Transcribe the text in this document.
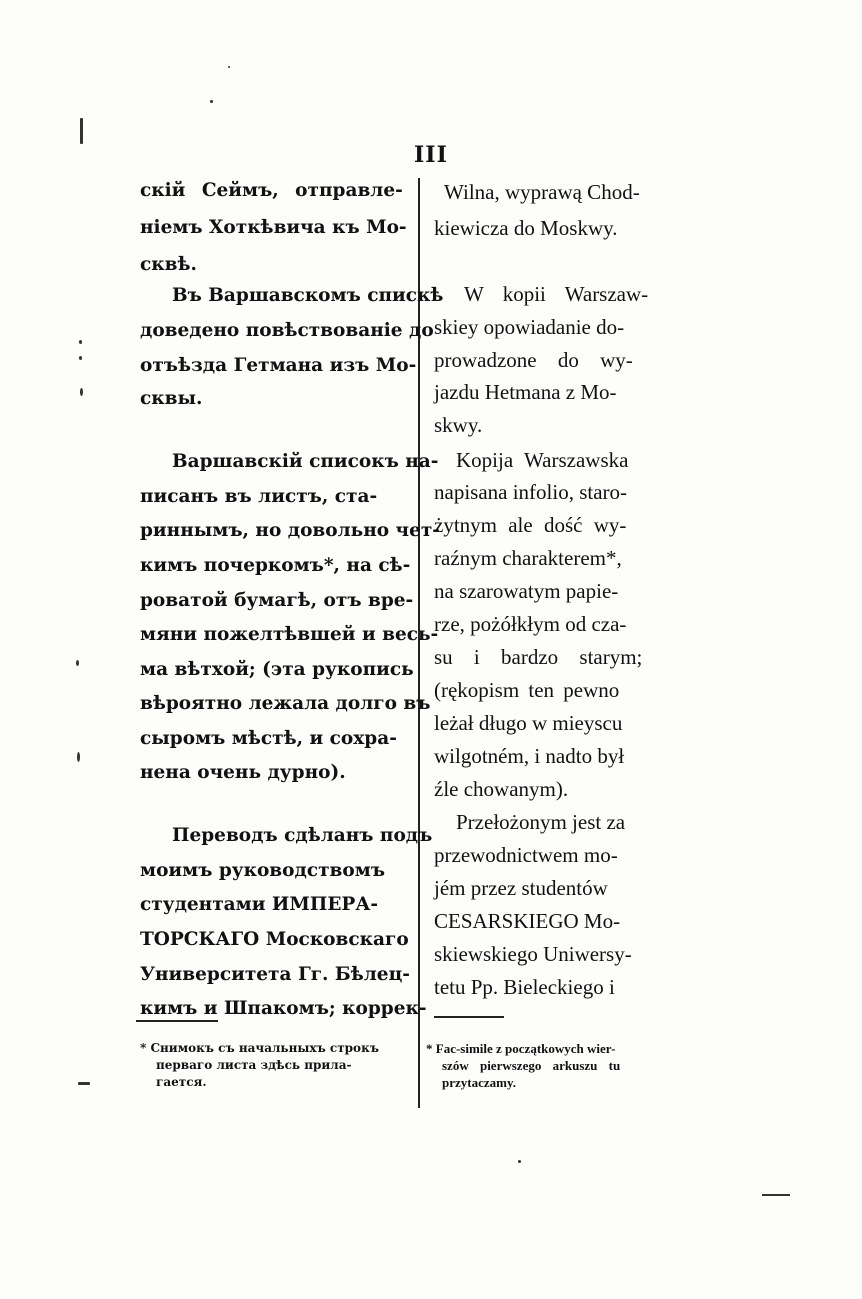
III
скій Сеймъ, отправле-
ніемъ Хоткѣвича къ Мо-
сквѣ.
Въ Варшавскомъ спискѣ
доведено повѣствованіе до
отъѣзда Гетмана изъ Мо-
сквы.
Варшавскій списокъ на-
писанъ въ листъ, ста-
риннымъ, но довольно чет-
кимъ почеркомъ*, на сѣ-
роватой бумагѣ, отъ вре-
мяни пожелтѣвшей и весь-
ма вѣтхой; (эта рукопись
вѣроятно лежала долго въ
сыромъ мѣстѣ, и сохра-
нена очень дурно).
Переводъ сдѣланъ подъ
моимъ руководствомъ
студентами ИМПЕРА-
ТОРСКАГО Московскаго
Университета Гг. Бѣлец-
кимъ и Шпакомъ; коррек-
Wilna, wyprawą Chod-
kiewicza do Moskwy.
W kopii Warszaw-
skiey opowiadanie do-
prowadzone do wy-
jazdu Hetmana z Mo-
skwy.
Kopija Warszawska
napisana infolio, staro-
żytnym ale dość wy-
raźnym charakterem*,
na szarowatym papie-
rze, pożółkłym od cza-
su i bardzo starym;
(rękopism ten pewno
leżał długo w mieyscu
wilgotném, i nadto był
źle chowanym).
Przełożonym jest za
przewodnictwem mo-
jém przez studentów
CESARSKIEGO Mo-
skiewskiego Uniwersy-
tetu Pp. Bieleckiego i
* Снимокъ съ начальныхъ строкъ
перваго листа здѣсь прила-
гается.
* Fac-simile z początkowych wier-
szów pierwszego arkuszu tu
przytaczamy.
